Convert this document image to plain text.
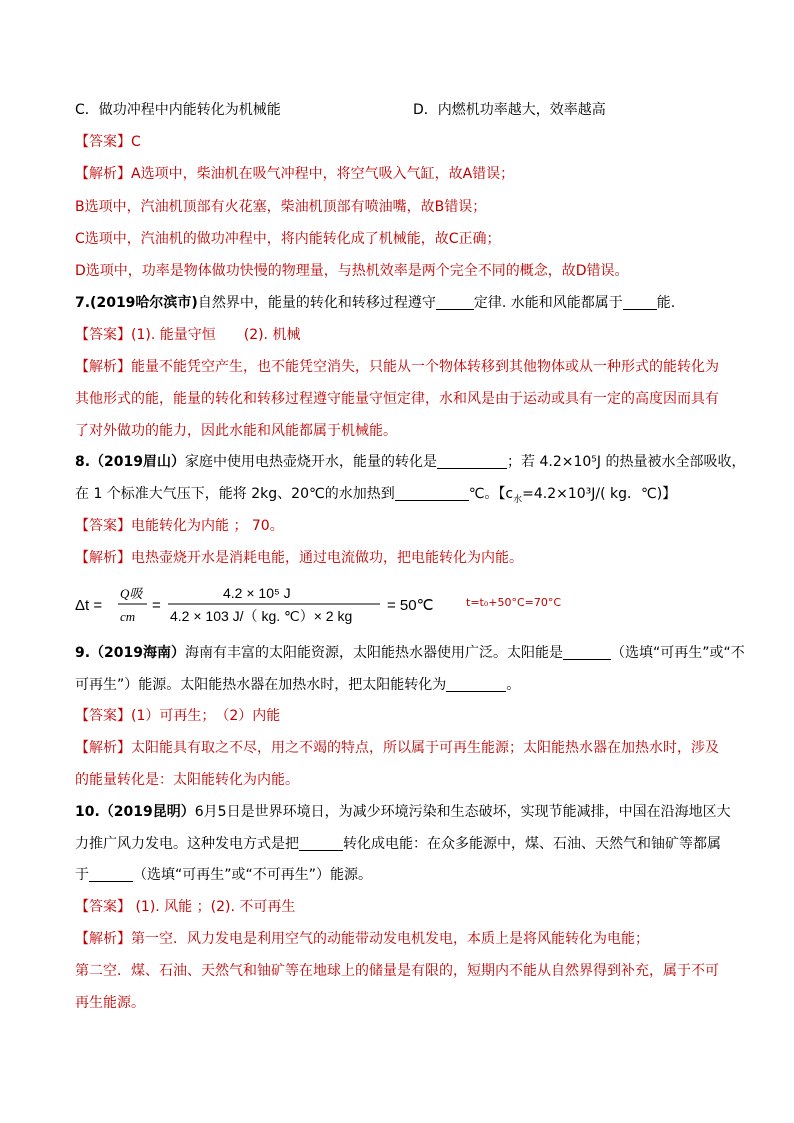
C．做功冲程中内能转化为机械能	D．内燃机功率越大，效率越高
【答案】C
【解析】A选项中，柴油机在吸气冲程中，将空气吸入气缸，故A错误；
B选项中，汽油机顶部有火花塞，柴油机顶部有喷油嘴，故B错误；
C选项中，汽油机的做功冲程中，将内能转化成了机械能，故C正确；
D选项中，功率是物体做功快慢的物理量，与热机效率是两个完全不同的概念，故D错误。
7.(2019哈尔滨市)自然界中，能量的转化和转移过程遵守	定律. 水能和风能都属于 能.
【答案】(1). 能量守恒　　(2). 机械
【解析】能量不能凭空产生，也不能凭空消失，只能从一个物体转移到其他物体或从一种形式的能转化为
其他形式的能，能量的转化和转移过程遵守能量守恒定律，水和风是由于运动或具有一定的高度因而具有
了对外做功的能力，因此水能和风能都属于机械能。
8.（2019眉山）家庭中使用电热壶烧开水，能量的转化是	；若 4.2×10⁵J 的热量被水全部吸收，
在 1 个标准大气压下，能将 2kg、20℃的水加热到	℃。【$c_水=4.2\times 10^3J/$( kg．℃)】
【答案】电能转化为内能 ； 70。
【解析】电热壶烧开水是消耗电能，通过电流做功，把电能转化为内能。
Δt =
Q吸
cm
=
4.2 × 10⁵ J
4.2 × 103 J/（ kg. ℃）× 2 kg
= 50℃	t=t₀+50°C=70°C
9.（2019海南）海南有丰富的太阳能资源，太阳能热水器使用广泛。太阳能是	（选填“可再生”或“不
可再生”）能源。太阳能热水器在加热水时，把太阳能转化为	。
【答案】(1）可再生；　（2）内能
【解析】太阳能具有取之不尽，用之不竭的特点，所以属于可再生能源；太阳能热水器在加热水时，涉及
的能量转化是：太阳能转化为内能。
10.（2019昆明）6月5日是世界环境日，为减少环境污染和生态破坏，实现节能减排，中国在沿海地区大
力推广风力发电。这种发电方式是把	转化成电能：在众多能源中，煤、石油、天然气和铀矿等都属
于	（选填“可再生”或“不可再生”）能源。
【答案】 (1). 风能 ；(2). 不可再生
【解析】第一空．风力发电是利用空气的动能带动发电机发电，本质上是将风能转化为电能；
第二空．煤、石油、天然气和铀矿等在地球上的储量是有限的，短期内不能从自然界得到补充，属于不可
再生能源。
